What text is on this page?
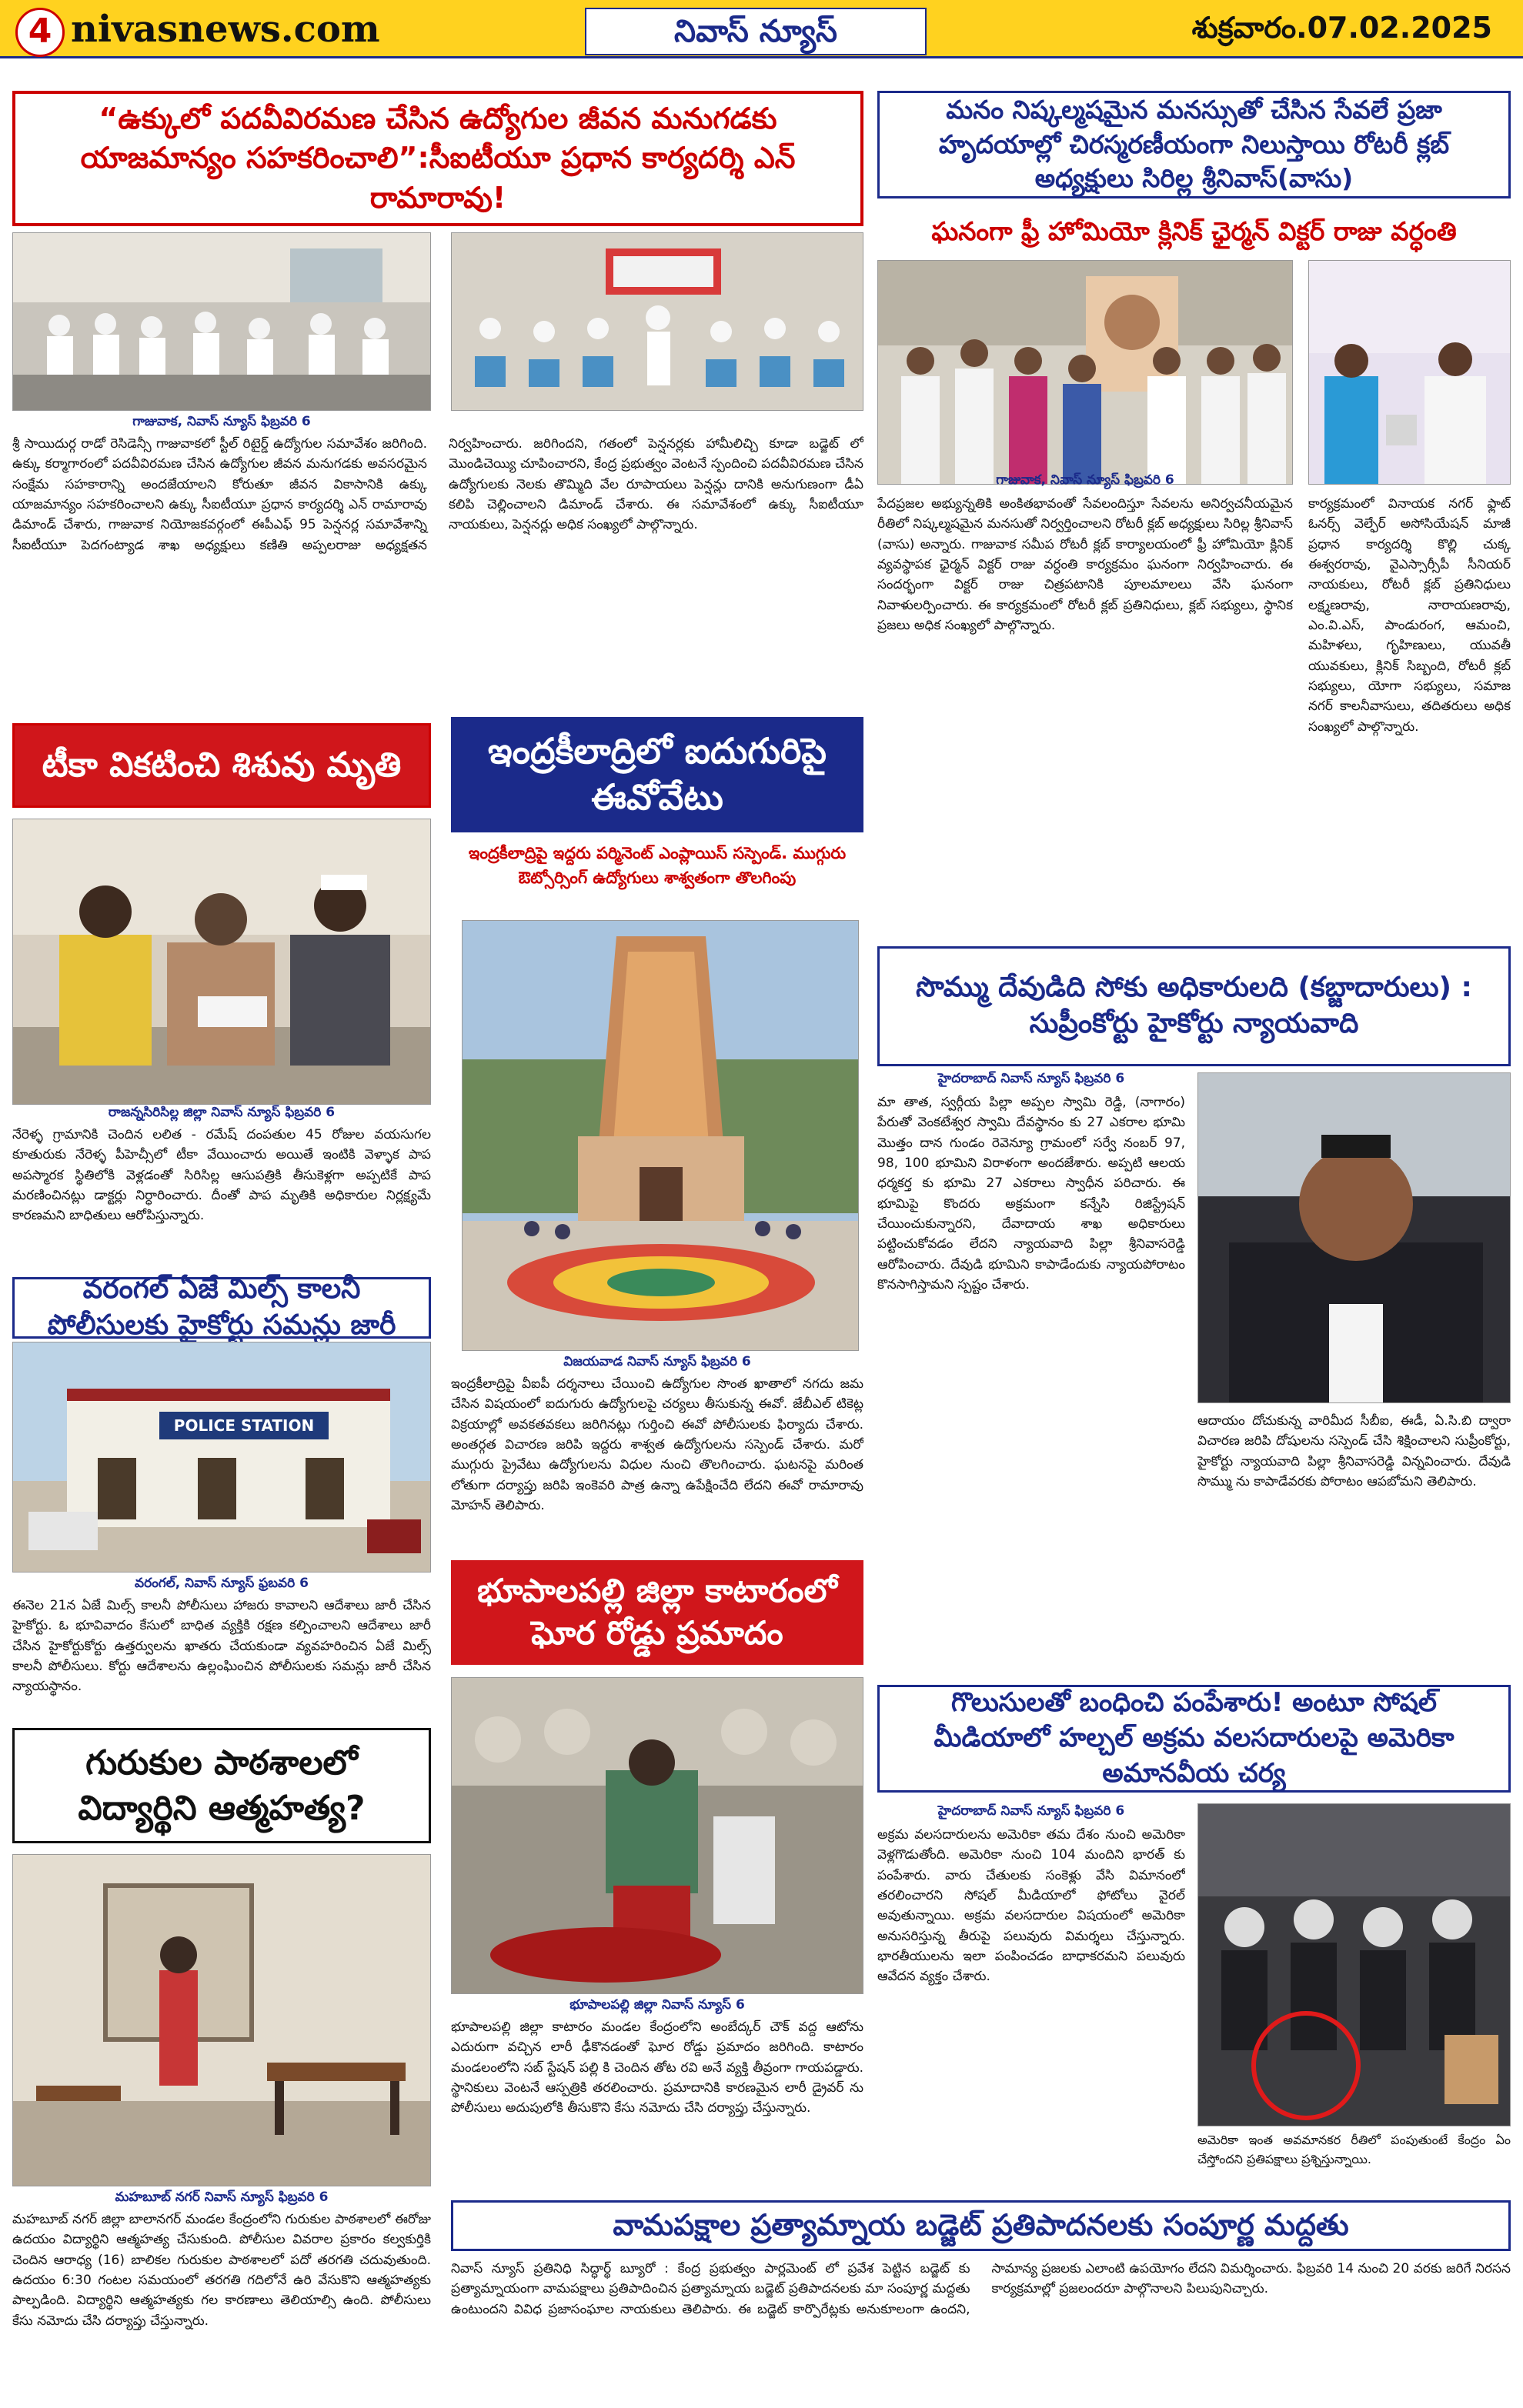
4 nivasnews.com	నివాస్ న్యూస్	శుక్రవారం.07.02.2025
“ఉక్కులో పదవీవిరమణ చేసిన ఉద్యోగుల జీవన మనుగడకు యాజమాన్యం సహకరించాలి”:సీఐటీయూ ప్రధాన కార్యదర్శి ఎన్ రామారావు!
గాజువాక, నివాస్ న్యూస్ ఫిబ్రవరి 6
శ్రీ సాయిదుర్గ రాడో రెసిడెన్సీ గాజువాకలో స్టీల్ రిటైర్డ్ ఉద్యోగుల సమావేశం జరిగింది. ఉక్కు కర్మాగారంలో పదవీవిరమణ చేసిన ఉద్యోగుల జీవన మనుగడకు అవసరమైన సంక్షేమ సహకారాన్ని అందజేయాలని కోరుతూ జీవన వికాసానికి ఉక్కు యాజమాన్యం సహకరించాలని ఉక్కు సీఐటీయూ ప్రధాన కార్యదర్శి ఎన్ రామారావు డిమాండ్ చేశారు, గాజువాక నియోజకవర్గంలో ఈపీఎఫ్ 95 పెన్షనర్ల సమావేశాన్ని సీఐటీయూ పెదగంట్యాడ శాఖ అధ్యక్షులు కణితి అప్పలరాజు అధ్యక్షతన నిర్వహించారు. జరిగిందని, గతంలో పెన్షనర్లకు హామీలిచ్చి కూడా బడ్జెట్ లో మొండిచెయ్యి చూపించారని, కేంద్ర ప్రభుత్వం వెంటనే స్పందించి పదవీవిరమణ చేసిన ఉద్యోగులకు నెలకు తొమ్మిది వేల రూపాయలు పెన్షన్లు దానికి అనుగుణంగా డీఏ కలిపి చెల్లించాలని డిమాండ్ చేశారు. ఈ సమావేశంలో ఉక్కు సీఐటీయూ నాయకులు, పెన్షనర్లు అధిక సంఖ్యలో పాల్గొన్నారు.
మనం నిష్కల్మషమైన మనస్సుతో చేసిన సేవలే ప్రజా హృదయాల్లో చిరస్మరణీయంగా నిలుస్తాయి రోటరీ క్లబ్ అధ్యక్షులు సిరిల్ల శ్రీనివాస్(వాసు)
ఘనంగా ఫ్రీ హోమియో క్లినిక్ ఛైర్మన్ విక్టర్ రాజు వర్ధంతి
గాజువాక, నివాస్ న్యూస్ ఫిబ్రవరి 6
పేదప్రజల అభ్యున్నతికి అంకితభావంతో సేవలందిస్తూ సేవలను అనిర్వచనీయమైన రీతిలో నిష్కల్మషమైన మనసుతో నిర్వర్తించాలని రోటరీ క్లబ్ అధ్యక్షులు సిరిల్ల శ్రీనివాస్ (వాసు) అన్నారు. గాజువాక సమీప రోటరీ క్లబ్ కార్యాలయంలో ఫ్రీ హోమియో క్లినిక్ వ్యవస్థాపక ఛైర్మన్ విక్టర్ రాజు వర్ధంతి కార్యక్రమం ఘనంగా నిర్వహించారు. ఈ సందర్భంగా విక్టర్ రాజు చిత్రపటానికి పూలమాలలు వేసి ఘనంగా నివాళులర్పించారు. ఈ కార్యక్రమంలో రోటరీ క్లబ్ ప్రతినిధులు, క్లబ్ సభ్యులు, స్థానిక ప్రజలు అధిక సంఖ్యలో పాల్గొన్నారు.
కార్యక్రమంలో వినాయక నగర్ ఫ్లాట్ ఓనర్స్ వెల్ఫేర్ అసోసియేషన్ మాజీ ప్రధాన కార్యదర్శి కొల్లి చుక్క ఈశ్వరరావు, వైఎస్సార్సీపీ సీనియర్ నాయకులు, రోటరీ క్లబ్ ప్రతినిధులు లక్ష్మణరావు, నారాయణరావు, ఎం.వి.ఎస్, పాండురంగ, ఆమంచి, మహిళలు, గృహిణులు, యువతీ యువకులు, క్లినిక్ సిబ్బంది, రోటరీ క్లబ్ సభ్యులు, యోగా సభ్యులు, సమాజ నగర్ కాలనీవాసులు, తదితరులు అధిక సంఖ్యలో పాల్గొన్నారు.
టీకా వికటించి శిశువు మృతి
రాజన్నసిరిసిల్ల జిల్లా నివాస్ న్యూస్ ఫిబ్రవరి 6
నేరెళ్ళ గ్రామానికి చెందిన లలిత - రమేష్ దంపతుల 45 రోజుల వయసుగల కూతురుకు నేరెళ్ళ పీహెచ్సీలో టీకా వేయించారు అయితే ఇంటికి వెళ్ళాక పాప అపస్మారక స్థితిలోకి వెళ్లడంతో సిరిసిల్ల ఆసుపత్రికి తీసుకెళ్లగా అప్పటికే పాప మరణించినట్లు డాక్టర్లు నిర్ధారించారు. దీంతో పాప మృతికి అధికారుల నిర్లక్ష్యమే కారణమని బాధితులు ఆరోపిస్తున్నారు.
వరంగల్ ఏజే మిల్స్ కాలనీ పోలీసులకు హైకోర్టు సమన్లు జారీ
POLICE STATION
వరంగల్, నివాస్ న్యూస్ ఫ్రబవరి 6
ఈనెల 21న ఏజే మిల్స్ కాలనీ పోలీసులు హాజరు కావాలని ఆదేశాలు జారీ చేసిన హైకోర్టు. ఓ భూవివాదం కేసులో బాధిత వ్యక్తికి రక్షణ కల్పించాలని ఆదేశాలు జారీ చేసిన హైకోర్టుకోర్టు ఉత్తర్వులను ఖాతరు చేయకుండా వ్యవహరించిన ఏజే మిల్స్ కాలనీ పోలీసులు. కోర్టు ఆదేశాలను ఉల్లంఘించిన పోలీసులకు సమన్లు జారీ చేసిన న్యాయస్థానం.
గురుకుల పాఠశాలలో విద్యార్థిని ఆత్మహత్య?
మహబూబ్ నగర్ నివాస్ న్యూస్ ఫిబ్రవరి 6
మహబూబ్ నగర్ జిల్లా బాలానగర్ మండల కేంద్రంలోని గురుకుల పాఠశాలలో ఈరోజు ఉదయం విద్యార్థిని ఆత్మహత్య చేసుకుంది. పోలీసుల వివరాల ప్రకారం కల్వకుర్తికి చెందిన ఆరాధ్య (16) బాలికల గురుకుల పాఠశాలలో పదో తరగతి చదువుతుంది. ఉదయం 6:30 గంటల సమయంలో తరగతి గదిలోనే ఉరి వేసుకొని ఆత్మహత్యకు పాల్పడింది. విద్యార్థిని ఆత్మహత్యకు గల కారణాలు తెలియాల్సి ఉంది. పోలీసులు కేసు నమోదు చేసి దర్యాప్తు చేస్తున్నారు.
ఇంద్రకీలాద్రిలో ఐదుగురిపై ఈవోవేటు
ఇంద్రకీలాద్రిపై ఇద్దరు పర్మినెంట్ ఎంప్లాయిస్ సస్పెండ్. ముగ్గురు ఔట్సోర్సింగ్ ఉద్యోగులు శాశ్వతంగా తొలగింపు
విజయవాడ నివాస్ న్యూస్ ఫిబ్రవరి 6
ఇంద్రకీలాద్రిపై వీఐపీ దర్శనాలు చేయించి ఉద్యోగుల సొంత ఖాతాలో నగదు జమ చేసిన విషయంలో ఐదుగురు ఉద్యోగులపై చర్యలు తీసుకున్న ఈవో. జేబీఎల్ టికెట్ల విక్రయాల్లో అవకతవకలు జరిగినట్లు గుర్తించి ఈవో పోలీసులకు ఫిర్యాదు చేశారు. అంతర్గత విచారణ జరిపి ఇద్దరు శాశ్వత ఉద్యోగులను సస్పెండ్ చేశారు. మరో ముగ్గురు ప్రైవేటు ఉద్యోగులను విధుల నుంచి తొలగించారు. ఘటనపై మరింత లోతుగా దర్యాప్తు జరిపి ఇంకెవరి పాత్ర ఉన్నా ఉపేక్షించేది లేదని ఈవో రామారావు మోహన్ తెలిపారు.
భూపాలపల్లి జిల్లా కాటారంలో ఘోర రోడ్డు ప్రమాదం
భూపాలపల్లి జిల్లా నివాస్ న్యూస్ 6
భూపాలపల్లి జిల్లా కాటారం మండల కేంద్రంలోని అంబేద్కర్ చౌక్ వద్ద ఆటోను ఎదురుగా వచ్చిన లారీ ఢీకొనడంతో ఘోర రోడ్డు ప్రమాదం జరిగింది. కాటారం మండలంలోని సబ్ స్టేషన్ పల్లి కి చెందిన తోట రవి అనే వ్యక్తి తీవ్రంగా గాయపడ్డారు. స్థానికులు వెంటనే ఆస్పత్రికి తరలించారు. ప్రమాదానికి కారణమైన లారీ డ్రైవర్ ను పోలీసులు అదుపులోకి తీసుకొని కేసు నమోదు చేసి దర్యాప్తు చేస్తున్నారు.
సొమ్ము దేవుడిది సోకు అధికారులది (కబ్జాదారులు) : సుప్రీంకోర్టు హైకోర్టు న్యాయవాది
హైదరాబాద్ నివాస్ న్యూస్ ఫిబ్రవరి 6
మా తాత, స్వర్గీయ పిల్లా అప్పల స్వామి రెడ్డి, (నాగారం) పేరుతో వెంకటేశ్వర స్వామి దేవస్థానం కు 27 ఎకరాల భూమి మొత్తం దాన గుండం రెవెన్యూ గ్రామంలో సర్వే నంబర్ 97, 98, 100 భూమిని విరాళంగా అందజేశారు. అప్పటి ఆలయ ధర్మకర్త కు భూమి 27 ఎకరాలు స్వాధీన పరిచారు. ఈ భూమిపై కొందరు అక్రమంగా కన్నేసి రిజిస్ట్రేషన్ చేయించుకున్నారని, దేవాదాయ శాఖ అధికారులు పట్టించుకోవడం లేదని న్యాయవాది పిల్లా శ్రీనివాసరెడ్డి ఆరోపించారు. దేవుడి భూమిని కాపాడేందుకు న్యాయపోరాటం కొనసాగిస్తామని స్పష్టం చేశారు.
ఆదాయం దోచుకున్న వారిమీద సీబీఐ, ఈడీ, ఏ.సి.బి ద్వారా విచారణ జరిపి దోషులను సస్పెండ్ చేసి శిక్షించాలని సుప్రీంకోర్టు, హైకోర్టు న్యాయవాది పిల్లా శ్రీనివాసరెడ్డి విన్నవించారు. దేవుడి సొమ్ము ను కాపాడేవరకు పోరాటం ఆపబోమని తెలిపారు.
గొలుసులతో బంధించి పంపేశారు! అంటూ సోషల్ మీడియాలో హల్చల్ అక్రమ వలసదారులపై అమెరికా అమానవీయ చర్య
హైదరాబాద్ నివాస్ న్యూస్ ఫిబ్రవరి 6
అక్రమ వలసదారులను అమెరికా తమ దేశం నుంచి అమెరికా వెళ్లగొడుతోంది. అమెరికా నుంచి 104 మందిని భారత్ కు పంపేశారు. వారు చేతులకు సంకెళ్లు వేసి విమానంలో తరలించారని సోషల్ మీడియాలో ఫోటోలు వైరల్ అవుతున్నాయి. అక్రమ వలసదారుల విషయంలో అమెరికా అనుసరిస్తున్న తీరుపై పలువురు విమర్శలు చేస్తున్నారు. భారతీయులను ఇలా పంపించడం బాధాకరమని పలువురు ఆవేదన వ్యక్తం చేశారు.
అమెరికా ఇంత అవమానకర రీతిలో పంపుతుంటే కేంద్రం ఏం చేస్తోందని ప్రతిపక్షాలు ప్రశ్నిస్తున్నాయి.
వామపక్షాల ప్రత్యామ్నాయ బడ్జెట్ ప్రతిపాదనలకు సంపూర్ణ మద్దతు
నివాస్ న్యూస్ ప్రతినిధి సిద్ధార్థ్ బ్యూరో : కేంద్ర ప్రభుత్వం పార్లమెంట్ లో ప్రవేశ పెట్టిన బడ్జెట్ కు ప్రత్యామ్నాయంగా వామపక్షాలు ప్రతిపాదించిన ప్రత్యామ్నాయ బడ్జెట్ ప్రతిపాదనలకు మా సంపూర్ణ మద్దతు ఉంటుందని వివిధ ప్రజాసంఘాల నాయకులు తెలిపారు. ఈ బడ్జెట్ కార్పొరేట్లకు అనుకూలంగా ఉందని, సామాన్య ప్రజలకు ఎలాంటి ఉపయోగం లేదని విమర్శించారు. ఫిబ్రవరి 14 నుంచి 20 వరకు జరిగే నిరసన కార్యక్రమాల్లో ప్రజలందరూ పాల్గొనాలని పిలుపునిచ్చారు.
